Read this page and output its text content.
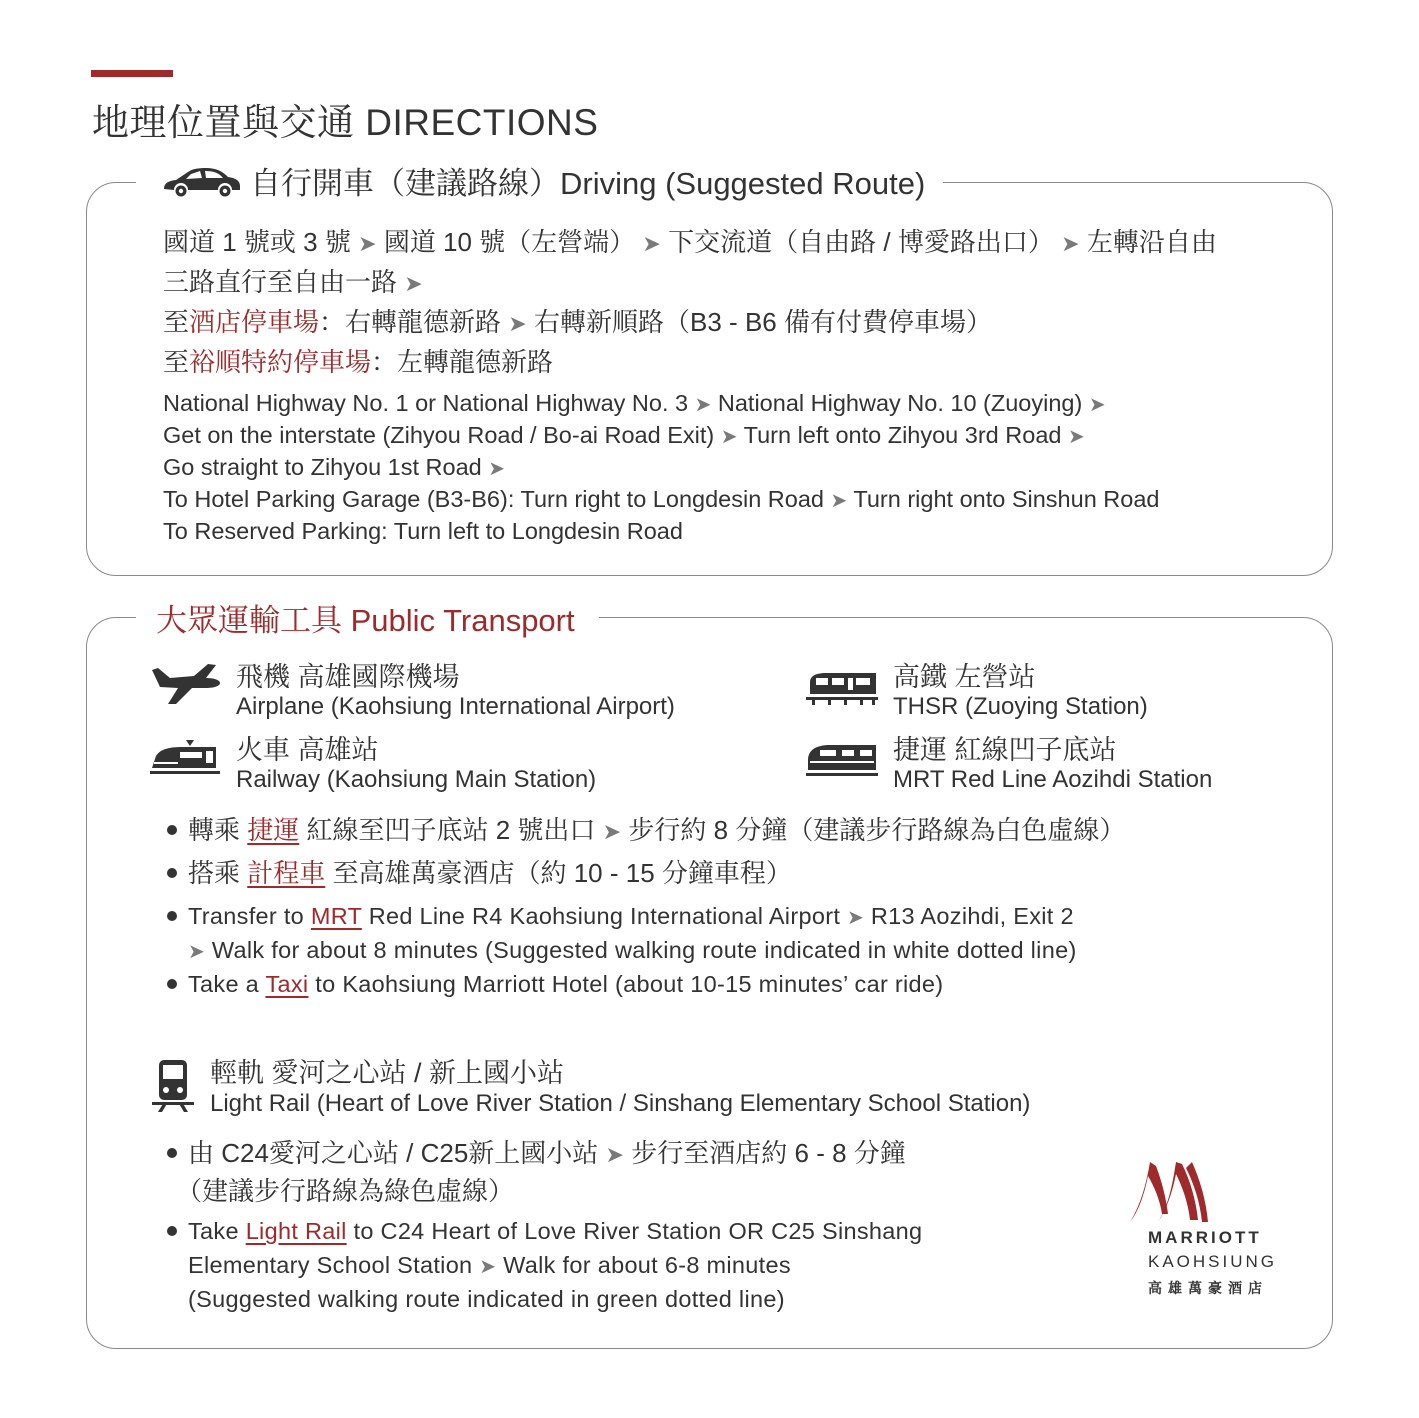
地理位置與交通 DIRECTIONS
自行開車（建議路線）Driving (Suggested Route)
國道 1 號或 3 號 ➤ 國道 10 號（左營端） ➤ 下交流道（自由路 / 博愛路出口） ➤ 左轉沿自由
三路直行至自由一路 ➤
至酒店停車場：右轉龍德新路 ➤ 右轉新順路（B3 - B6 備有付費停車場）
至裕順特約停車場：左轉龍德新路
National Highway No. 1 or National Highway No. 3 ➤ National Highway No. 10 (Zuoying) ➤
Get on the interstate (Zihyou Road / Bo-ai Road Exit) ➤ Turn left onto Zihyou 3rd Road ➤
Go straight to Zihyou 1st Road ➤
To Hotel Parking Garage (B3-B6): Turn right to Longdesin Road ➤ Turn right onto Sinshun Road
To Reserved Parking: Turn left to Longdesin Road
大眾運輸工具 Public Transport
飛機 高雄國際機場
Airplane (Kaohsiung International Airport)
高鐵 左營站
THSR (Zuoying Station)
火車 高雄站
Railway (Kaohsiung Main Station)
捷運 紅線凹子底站
MRT Red Line Aozihdi Station
轉乘 捷運 紅線至凹子底站 2 號出口 ➤ 步行約 8 分鐘（建議步行路線為白色虛線）
搭乘 計程車 至高雄萬豪酒店（約 10 - 15 分鐘車程）
Transfer to MRT Red Line R4 Kaohsiung International Airport ➤ R13 Aozihdi, Exit 2
➤ Walk for about 8 minutes (Suggested walking route indicated in white dotted line)
Take a Taxi to Kaohsiung Marriott Hotel (about 10-15 minutes’ car ride)
輕軌 愛河之心站 / 新上國小站
Light Rail (Heart of Love River Station / Sinshang Elementary School Station)
由 C24愛河之心站 / C25新上國小站 ➤ 步行至酒店約 6 - 8 分鐘
（建議步行路線為綠色虛線）
Take Light Rail to C24 Heart of Love River Station OR C25 Sinshang
Elementary School Station ➤ Walk for about 6-8 minutes
(Suggested walking route indicated in green dotted line)
MARRIOTT
KAOHSIUNG
高雄萬豪酒店
